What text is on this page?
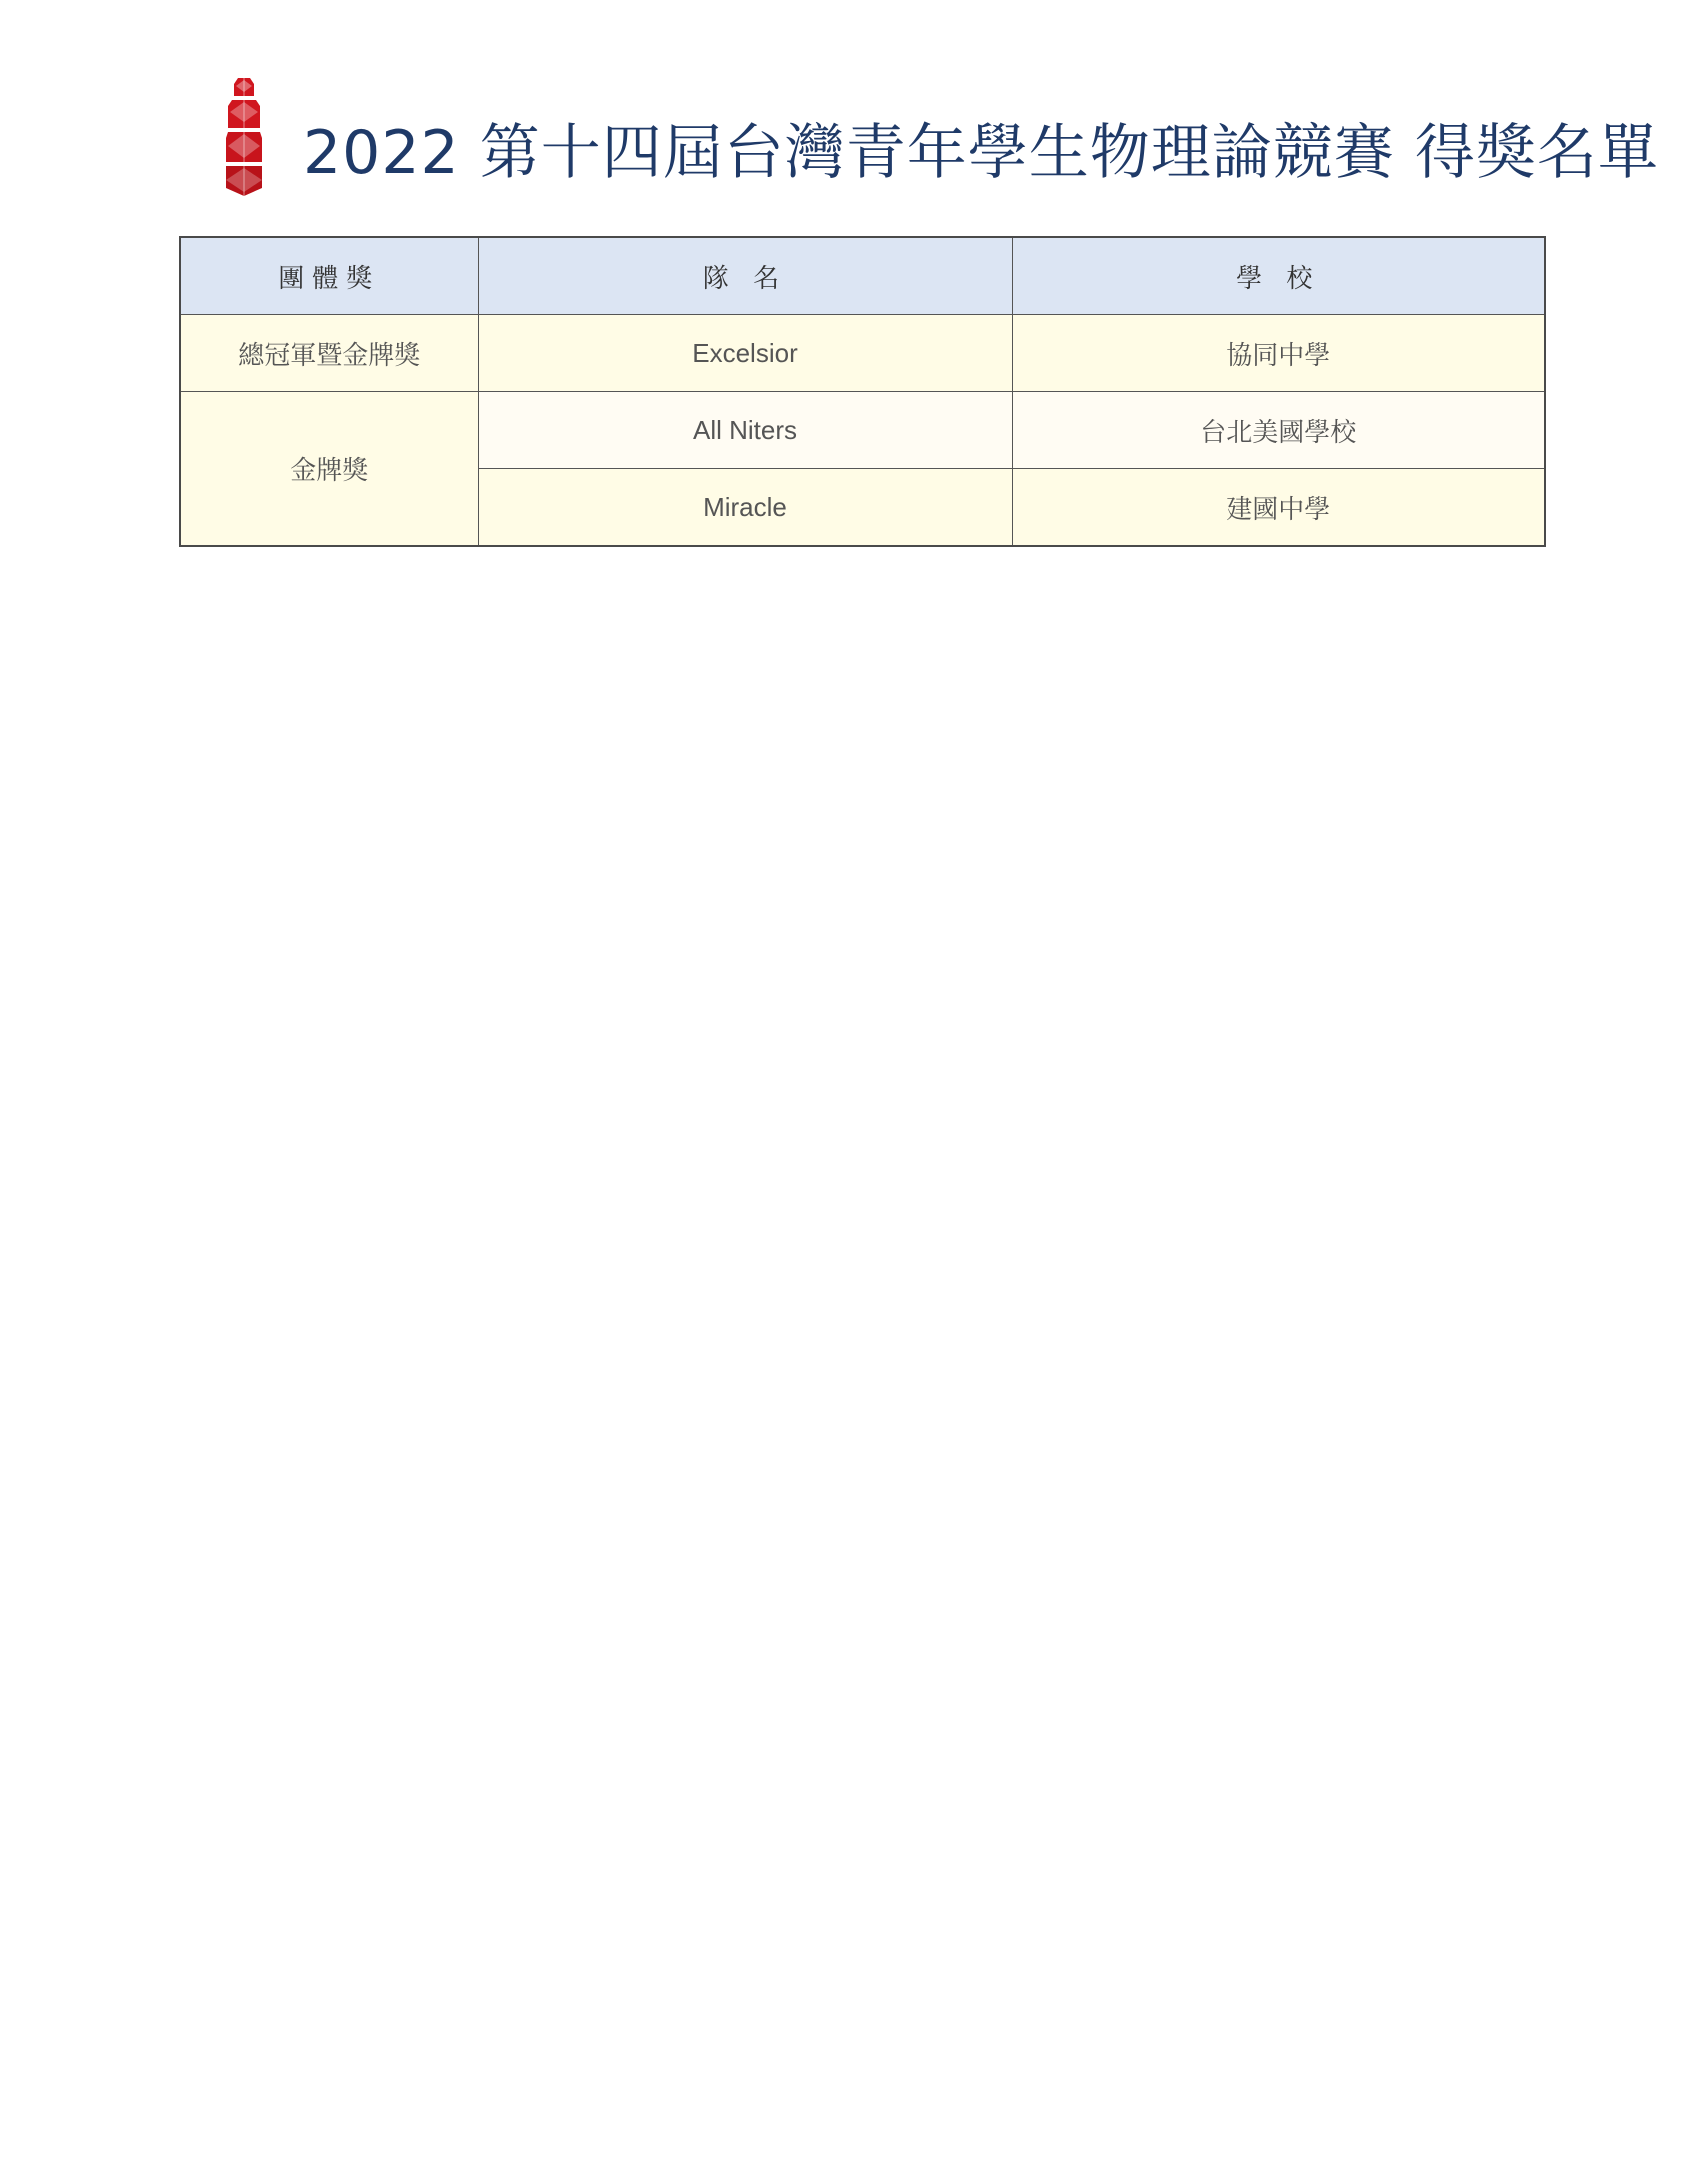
2022 第十四屆台灣青年學生物理論競賽 得獎名單
團體獎	隊 名	學 校
總冠軍暨金牌獎	Excelsior	協同中學
金牌獎	All Niters	台北美國學校
	Miracle	建國中學
